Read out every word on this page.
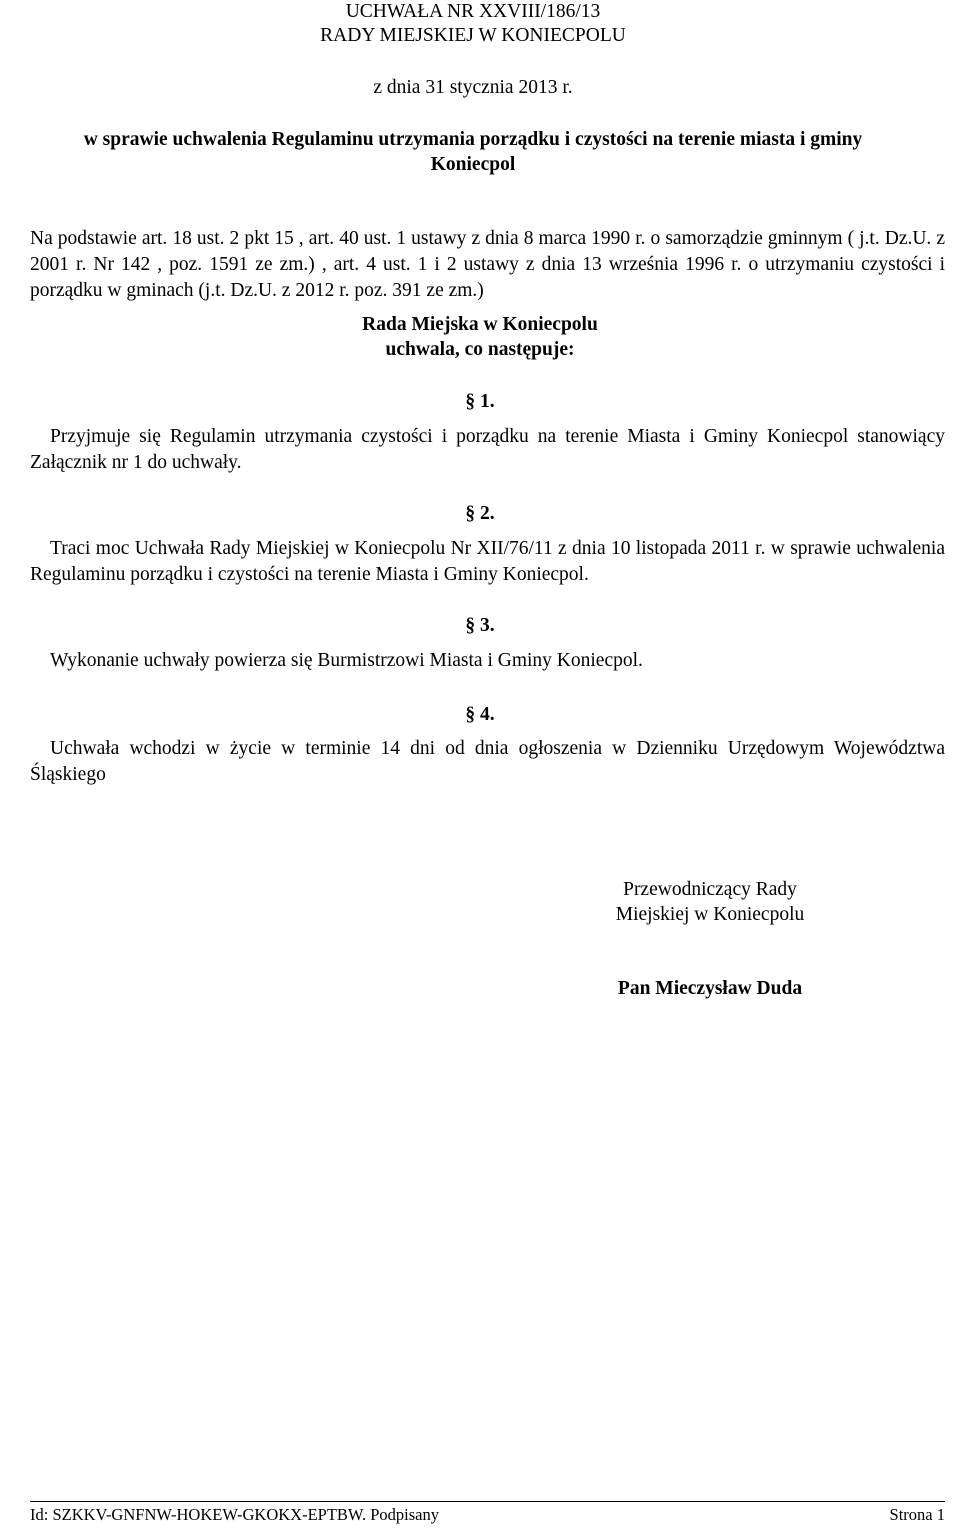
UCHWAŁA NR XXVIII/186/13
RADY MIEJSKIEJ W KONIECPOLU
z dnia 31 stycznia 2013 r.
w sprawie uchwalenia Regulaminu utrzymania porządku i czystości na terenie miasta i gminy
Koniecpol
Na podstawie art. 18 ust. 2 pkt 15 , art. 40 ust. 1 ustawy z dnia 8 marca 1990 r. o samorządzie gminnym ( j.t. Dz.U. z 2001 r. Nr 142 , poz. 1591 ze zm.) , art. 4 ust. 1 i 2 ustawy z dnia 13 września 1996 r. o utrzymaniu czystości i porządku w gminach (j.t. Dz.U. z 2012 r. poz. 391 ze zm.)
Rada Miejska w Koniecpolu
uchwala, co następuje:
§ 1.
Przyjmuje się Regulamin utrzymania czystości i porządku na terenie Miasta i Gminy Koniecpol stanowiący Załącznik nr 1 do uchwały.
§ 2.
Traci moc Uchwała Rady Miejskiej w Koniecpolu Nr XII/76/11 z dnia 10 listopada 2011 r. w sprawie uchwalenia Regulaminu porządku i czystości na terenie Miasta i Gminy Koniecpol.
§ 3.
Wykonanie uchwały powierza się Burmistrzowi Miasta i Gminy Koniecpol.
§ 4.
Uchwała wchodzi w życie w terminie 14 dni od dnia ogłoszenia w Dzienniku Urzędowym Województwa Śląskiego
Przewodniczący Rady
Miejskiej w Koniecpolu
Pan Mieczysław Duda
Id: SZKKV-GNFNW-HOKEW-GKOKX-EPTBW. Podpisany	Strona 1
